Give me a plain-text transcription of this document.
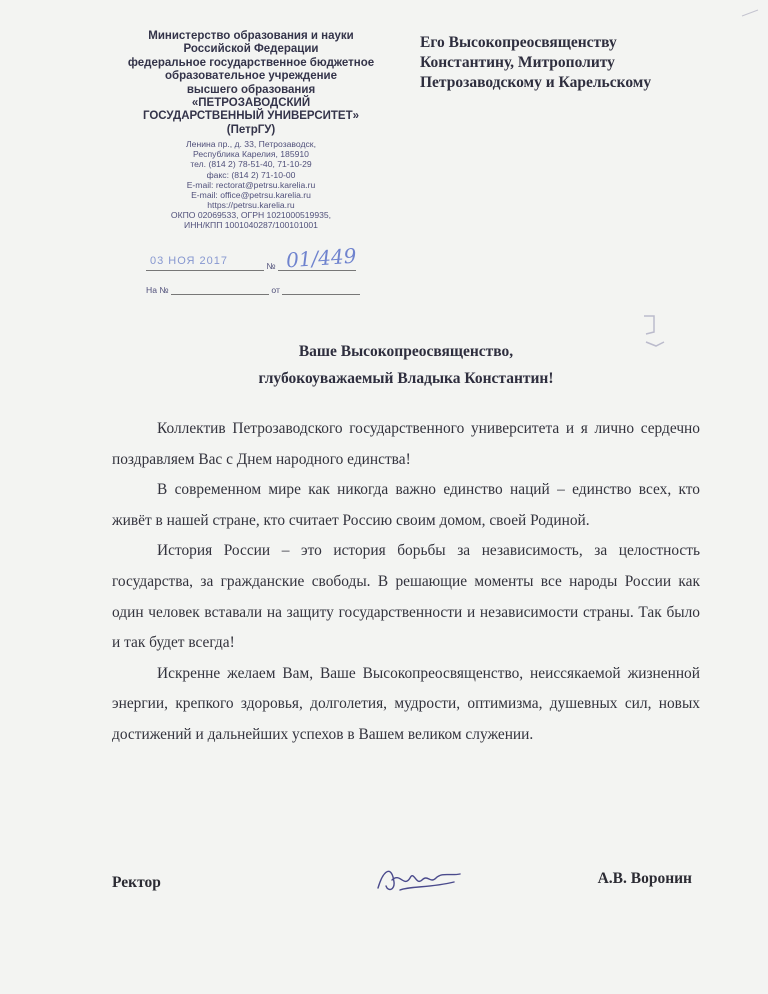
Министерство образования и науки

Российской Федерации

федеральное государственное бюджетное

образовательное учреждение

высшего образования

«ПЕТРОЗАВОДСКИЙ

ГОСУДАРСТВЕННЫЙ УНИВЕРСИТЕТ»

(ПетрГУ)

Ленина пр., д. 33, Петрозаводск,

Республика Карелия, 185910

тел. (814 2) 78-51-40, 71-10-29

факс: (814 2) 71-10-00

E-mail: rectorat@petrsu.karelia.ru

E-mail: office@petrsu.karelia.ru

https://petrsu.karelia.ru

ОКПО 02069533, ОГРН 1021000519935,

ИНН/КПП 1001040287/100101001

№
03 НОЯ 2017	01/449
На №	от

Его Высокопреосвященству

Константину, Митрополиту

Петрозаводскому и Карельскому

Ваше Высокопреосвященство,

глубокоуважаемый Владыка Константин!

Коллектив Петрозаводского государственного университета и я лично сердечно поздравляем Вас с Днем народного единства!

В современном мире как никогда важно единство наций – единство всех, кто живёт в нашей стране, кто считает Россию своим домом, своей Родиной.

История России – это история борьбы за независимость, за целостность государства, за гражданские свободы. В решающие моменты все народы России как один человек вставали на защиту государственности и независимости страны. Так было и так будет всегда!

Искренне желаем Вам, Ваше Высокопреосвященство, неиссякаемой жизненной энергии, крепкого здоровья, долголетия, мудрости, оптимизма, душевных сил, новых достижений и дальнейших успехов в Вашем великом служении.

Ректор	А.В. Воронин
